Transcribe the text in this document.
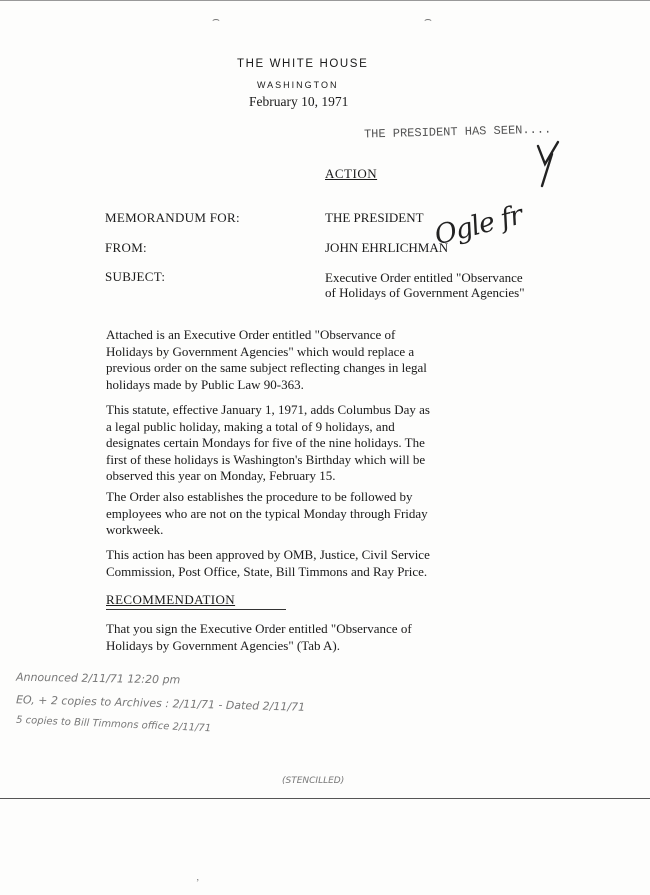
⌢	⌢
THE WHITE HOUSE
WASHINGTON
February 10, 1971
THE PRESIDENT HAS SEEN....
ACTION
MEMORANDUM FOR:	THE PRESIDENT
FROM:	JOHN EHRLICHMAN
Ogle fr
SUBJECT:	Executive Order entitled "Observance
of Holidays of Government Agencies"

Attached is an Executive Order entitled "Observance of
Holidays by Government Agencies" which would replace a
previous order on the same subject reflecting changes in legal
holidays made by Public Law 90-363.

This statute, effective January 1, 1971, adds Columbus Day as
a legal public holiday, making a total of 9 holidays, and
designates certain Mondays for five of the nine holidays. The
first of these holidays is Washington's Birthday which will be
observed this year on Monday, February 15.

The Order also establishes the procedure to be followed by
employees who are not on the typical Monday through Friday
workweek.

This action has been approved by OMB, Justice, Civil Service
Commission, Post Office, State, Bill Timmons and Ray Price.

RECOMMENDATION

That you sign the Executive Order entitled "Observance of
Holidays by Government Agencies" (Tab A).

Announced 2/11/71 12:20 pm
EO, + 2 copies to Archives : 2/11/71 - Dated 2/11/71
5 copies to Bill Timmons office 2/11/71
(STENCILLED)
ʼ
